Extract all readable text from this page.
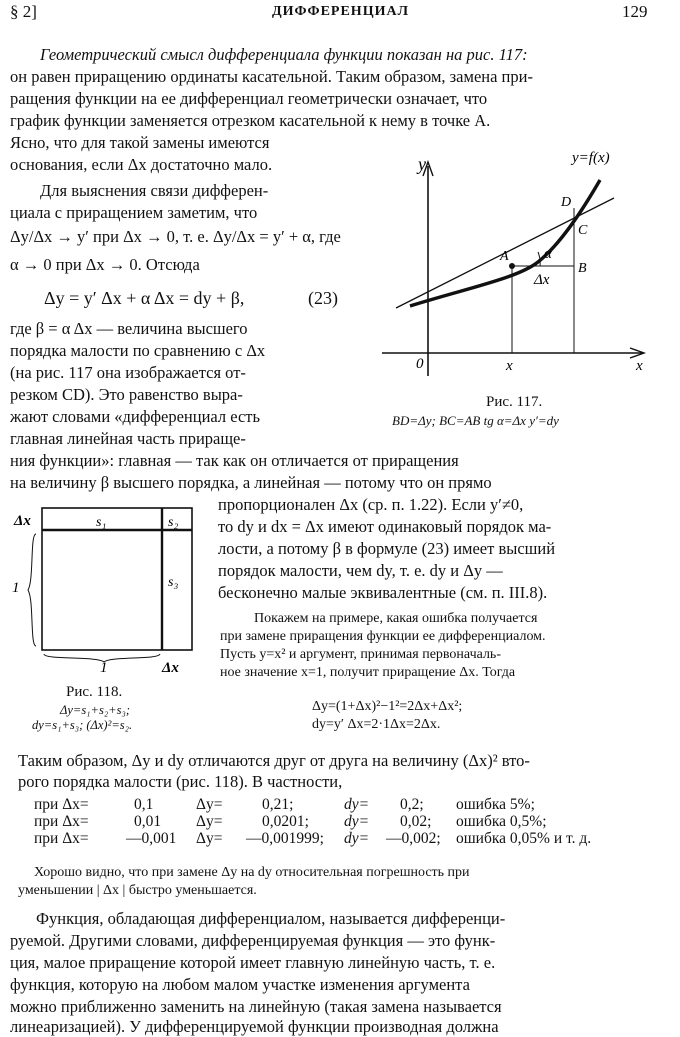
§ 2]	ДИФФЕРЕНЦИАЛ	129
Геометрический смысл дифференциала функции показан на рис. 117:
он равен приращению ординаты касательной. Таким образом, замена при-
ращения функции на ее дифференциал геометрически означает, что
график функции заменяется отрезком касательной к нему в точке A.
Ясно, что для такой замены имеются
основания, если Δx достаточно мало.
Для выяснения связи дифферен-
циала с приращением заметим, что
Δy/Δx → y′ при Δx → 0, т. е. Δy/Δx = y′ + α, где
α → 0 при Δx → 0. Отсюда
Δy = y′ Δx + α Δx = dy + β,	(23)
где β = α Δx — величина высшего
порядка малости по сравнению с Δx
(на рис. 117 она изображается от-
резком CD). Это равенство выра-
жают словами «дифференциал есть
главная линейная часть прираще-
ния функции»: главная — так как он отличается от приращения
на величину β высшего порядка, а линейная — потому что он прямо
пропорционален Δx (ср. п. 1.22). Если y′≠0,
то dy и dx = Δx имеют одинаковый порядок ма-
лости, а потому β в формуле (23) имеет высший
порядок малости, чем dy, т. е. dy и Δy —
бесконечно малые эквивалентные (см. п. III.8).
y	y=f(x)
D
C
A
B
α
Δx
0	x	x
Рис. 117.
BD=Δy; BC=AB tg α=Δx y′=dy
Δx	s₁	s₂
s₃
1
1	Δx
Рис. 118.
Δy=s₁+s₂+s₃;
dy=s₁+s₃; (Δx)²=s₂.
Покажем на примере, какая ошибка получается
при замене приращения функции ее дифференциалом.
Пусть y=x² и аргумент, принимая первоначаль-
ное значение x=1, получит приращение Δx. Тогда
Δy=(1+Δx)²−1²=2Δx+Δx²;
dy=y′ Δx=2·1Δx=2Δx.
Таким образом, Δy и dy отличаются друг от друга на величину (Δx)² вто-
рого порядка малости (рис. 118). В частности,
при Δx=	0,1	Δy=	0,21;	dy= 0,2; ошибка 5%;
при Δx=	0,01 Δy=	0,0201; dy= 0,02; ошибка 0,5%;
при Δx= —0,001 Δy= —0,001999; dy= —0,002; ошибка 0,05% и т. д.
Хорошо видно, что при замене Δy на dy относительная погрешность при
уменьшении | Δx | быстро уменьшается.
Функция, обладающая дифференциалом, называется дифференци-
руемой. Другими словами, дифференцируемая функция — это функ-
ция, малое приращение которой имеет главную линейную часть, т. е.
функция, которую на любом малом участке изменения аргумента
можно приближенно заменить на линейную (такая замена называется
линеаризацией). У дифференцируемой функции производная должна
